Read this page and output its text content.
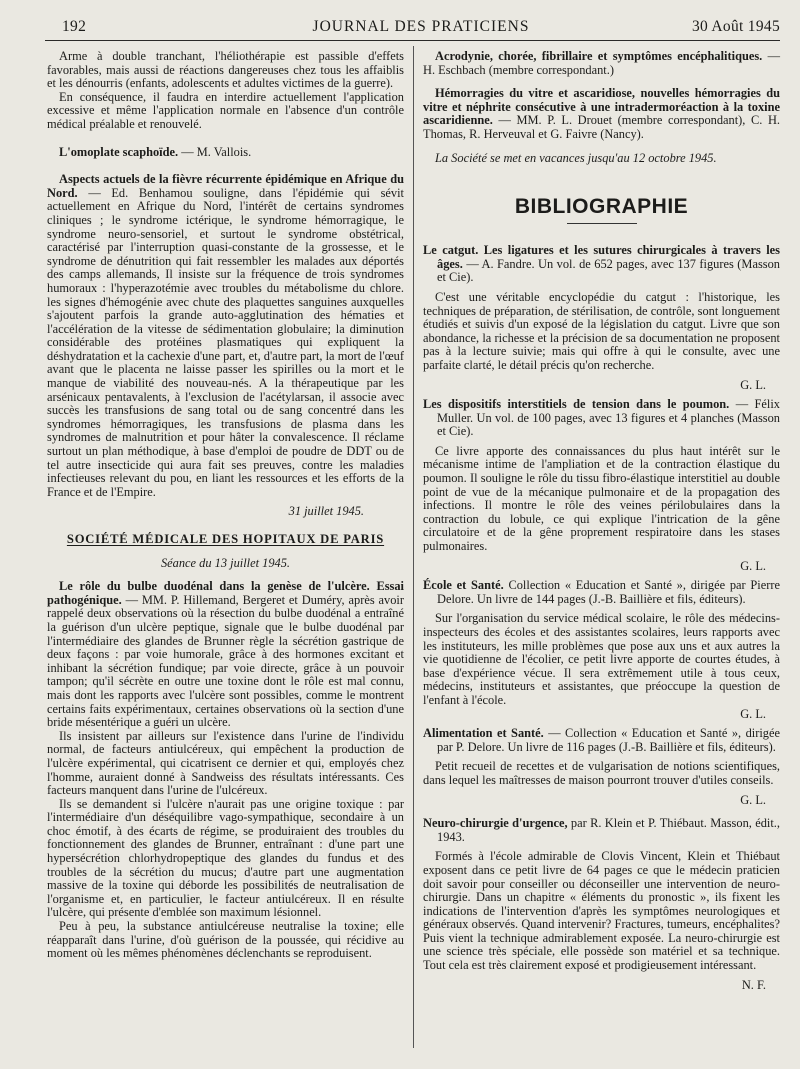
192	JOURNAL DES PRATICIENS	30 Août 1945

Arme à double tranchant, l'héliothérapie est passible d'effets favorables, mais aussi de réactions dangereuses chez tous les affaiblis et les dénourris (enfants, adolescents et adultes victimes de la guerre).

En conséquence, il faudra en interdire actuellement l'application excessive et même l'application normale en l'absence d'un contrôle médical préalable et renouvelé.

L'omoplate scaphoïde. — M. Vallois.

Aspects actuels de la fièvre récurrente épidémique en Afrique du Nord. — Ed. Benhamou souligne, dans l'épidémie qui sévit actuellement en Afrique du Nord, l'intérêt de certains syndromes cliniques ; le syndrome ictérique, le syndrome hémorragique, le syndrome neuro-sensoriel, et surtout le syndrome obstétrical, caractérisé par l'interruption quasi-constante de la grossesse, et le syndrome de dénutrition qui fait ressembler les malades aux déportés des camps allemands, Il insiste sur la fréquence de trois syndromes humoraux : l'hyperazotémie avec troubles du métabolisme du chlore. les signes d'hémogénie avec chute des plaquettes sanguines auxquelles s'ajoutent parfois la grande auto-agglutination des hématies et l'accélération de la vitesse de sédimentation globulaire; la diminution considérable des protéines plasmatiques qui expliquent la déshydratation et la cachexie d'une part, et, d'autre part, la mort de l'œuf avant que le placenta ne laisse passer les spirilles ou la mort et le manque de viabilité des nouveau-nés. A la thérapeutique par les arsénicaux pentavalents, à l'exclusion de l'acétylarsan, il associe avec succès les transfusions de sang total ou de sang concentré dans les syndromes hémorragiques, les transfusions de plasma dans les syndromes de malnutrition et pour hâter la convalescence. Il réclame surtout un plan méthodique, à base d'emploi de poudre de DDT ou de tel autre insecticide qui aura fait ses preuves, contre les maladies infectieuses relevant du pou, en liant les ressources et les efforts de la France et de l'Empire.

31 juillet 1945.

SOCIÉTÉ MÉDICALE DES HOPITAUX DE PARIS

Séance du 13 juillet 1945.

Le rôle du bulbe duodénal dans la genèse de l'ulcère. Essai pathogénique. — MM. P. Hillemand, Bergeret et Duméry, après avoir rappelé deux observations où la résection du bulbe duodénal a entraîné la guérison d'un ulcère peptique, signale que le bulbe duodénal par l'intermédiaire des glandes de Brunner règle la sécrétion gastrique de deux façons : par voie humorale, grâce à des hormones excitant et inhibant la sécrétion fundique; par voie directe, grâce à un pouvoir tampon; qu'il sécrète en outre une toxine dont le rôle est mal connu, mais dont les rapports avec l'ulcère sont possibles, comme le montrent certains faits expérimentaux, certaines observations où la section d'une bride mésentérique a guéri un ulcère.

Ils insistent par ailleurs sur l'existence dans l'urine de l'individu normal, de facteurs antiulcéreux, qui empêchent la production de l'ulcère expérimental, qui cicatrisent ce dernier et qui, employés chez l'homme, auraient donné à Sandweiss des résultats intéressants. Ces facteurs manquent dans l'urine de l'ulcéreux.

Ils se demandent si l'ulcère n'aurait pas une origine toxique : par l'intermédiaire d'un déséquilibre vago-sympathique, secondaire à un choc émotif, à des écarts de régime, se produiraient des troubles du fonctionnement des glandes de Brunner, entraînant : d'une part une hypersécrétion chlorhydropeptique des glandes du fundus et des troubles de la sécrétion du mucus; d'autre part une augmentation massive de la toxine qui déborde les possibilités de neutralisation de l'organisme et, en particulier, le facteur antiulcéreux. Il en résulte l'ulcère, qui présente d'emblée son maximum lésionnel.

Peu à peu, la substance antiulcéreuse neutralise la toxine; elle réapparaît dans l'urine, d'où guérison de la poussée, qui récidive au moment où les mêmes phénomènes déclenchants se reproduisent.

Acrodynie, chorée, fibrillaire et symptômes encéphalitiques. — H. Eschbach (membre correspondant.)

Hémorragies du vitre et ascaridiose, nouvelles hémorragies du vitre et néphrite consécutive à une intradermoréaction à la toxine ascaridienne. — MM. P. L. Drouet (membre correspondant), C. H. Thomas, R. Herveuval et G. Faivre (Nancy).

La Société se met en vacances jusqu'au 12 octobre 1945.

BIBLIOGRAPHIE

Le catgut. Les ligatures et les sutures chirurgicales à travers les âges. — A. Fandre. Un vol. de 652 pages, avec 137 figures (Masson et Cie).

C'est une véritable encyclopédie du catgut : l'historique, les techniques de préparation, de stérilisation, de contrôle, sont longuement étudiés et suivis d'un exposé de la législation du catgut. Livre que son abondance, la richesse et la précision de sa documentation ne proposent pas à la lecture suivie; mais qui offre à qui le consulte, avec une parfaite clarté, le détail précis qu'on recherche.

G. L.

Les dispositifs interstitiels de tension dans le poumon. — Félix Muller. Un vol. de 100 pages, avec 13 figures et 4 planches (Masson et Cie).

Ce livre apporte des connaissances du plus haut intérêt sur le mécanisme intime de l'ampliation et de la contraction élastique du poumon. Il souligne le rôle du tissu fibro-élastique interstitiel au double point de vue de la mécanique pulmonaire et de la propagation des infections. Il montre le rôle des veines périlobulaires dans la contraction du lobule, ce qui explique l'intrication de la gêne circulatoire et de la gêne proprement respiratoire dans les stases pulmonaires.

G. L.

École et Santé. Collection « Education et Santé », dirigée par Pierre Delore. Un livre de 144 pages (J.-B. Baillière et fils, éditeurs).

Sur l'organisation du service médical scolaire, le rôle des médecins-inspecteurs des écoles et des assistantes scolaires, leurs rapports avec les instituteurs, les mille problèmes que pose aux uns et aux autres la vie quotidienne de l'écolier, ce petit livre apporte de courtes études, à base d'expérience vécue. Il sera extrêmement utile à tous ceux, médecins, instituteurs et assistantes, que préoccupe la question de l'enfant à l'école.

G. L.

Alimentation et Santé. — Collection « Education et Santé », dirigée par P. Delore. Un livre de 116 pages (J.-B. Baillière et fils, éditeurs).

Petit recueil de recettes et de vulgarisation de notions scientifiques, dans lequel les maîtresses de maison pourront trouver d'utiles conseils.

G. L.

Neuro-chirurgie d'urgence, par R. Klein et P. Thiébaut. Masson, édit., 1943.

Formés à l'école admirable de Clovis Vincent, Klein et Thiébaut exposent dans ce petit livre de 64 pages ce que le médecin praticien doit savoir pour conseiller ou déconseiller une intervention de neuro-chirurgie. Dans un chapitre « éléments du pronostic », ils fixent les indications de l'intervention d'après les symptômes neurologiques et généraux observés. Quand intervenir? Fractures, tumeurs, encéphalites? Puis vient la technique admirablement exposée. La neuro-chirurgie est une science très spéciale, elle possède son matériel et sa technique. Tout cela est très clairement exposé et prodigieusement intéressant.

N. F.
